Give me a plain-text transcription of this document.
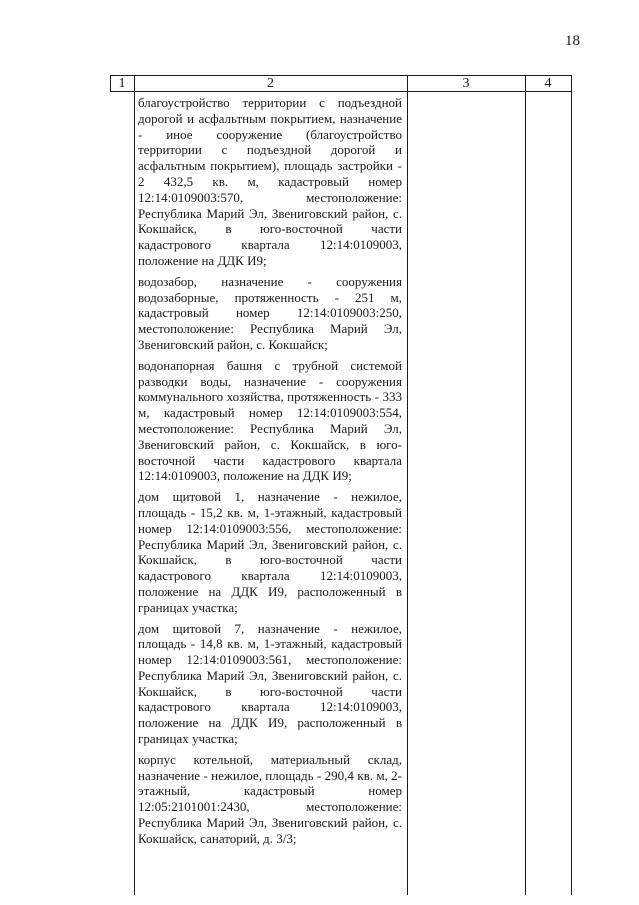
18
1	2	3	4

благоустройство территории с подъездной дорогой и асфальтным покрытием, назначение - иное сооружение (благоустройство территории с подъездной дорогой и асфальтным покрытием), площадь застройки - 2 432,5 кв. м, кадастровый номер 12:14:0109003:570, местоположение: Республика Марий Эл, Звениговский район, с. Кокшайск, в юго-восточной части кадастрового квартала 12:14:0109003, положение на ДДК И9;

водозабор, назначение - сооружения водозаборные, протяженность - 251 м, кадастровый номер 12:14:0109003:250, местоположение: Республика Марий Эл, Звениговский район, с. Кокшайск;

водонапорная башня с трубной системой разводки воды, назначение - сооружения коммунального хозяйства, протяженность - 333 м, кадастровый номер 12:14:0109003:554, местоположение: Республика Марий Эл, Звениговский район, с. Кокшайск, в юго-восточной части кадастрового квартала 12:14:0109003, положение на ДДК И9;

дом щитовой 1, назначение - нежилое, площадь - 15,2 кв. м, 1-этажный, кадастровый номер 12:14:0109003:556, местоположение: Республика Марий Эл, Звениговский район, с. Кокшайск, в юго-восточной части кадастрового квартала 12:14:0109003, положение на ДДК И9, расположенный в границах участка;

дом щитовой 7, назначение - нежилое, площадь - 14,8 кв. м, 1-этажный, кадастровый номер 12:14:0109003:561, местоположение: Республика Марий Эл, Звениговский район, с. Кокшайск, в юго-восточной части кадастрового квартала 12:14:0109003, положение на ДДК И9, расположенный в границах участка;

корпус котельной, материальный склад, назначение - нежилое, площадь - 290,4 кв. м, 2-этажный, кадастровый номер 12:05:2101001:2430, местоположение: Республика Марий Эл, Звениговский район, с. Кокшайск, санаторий, д. 3/3;
